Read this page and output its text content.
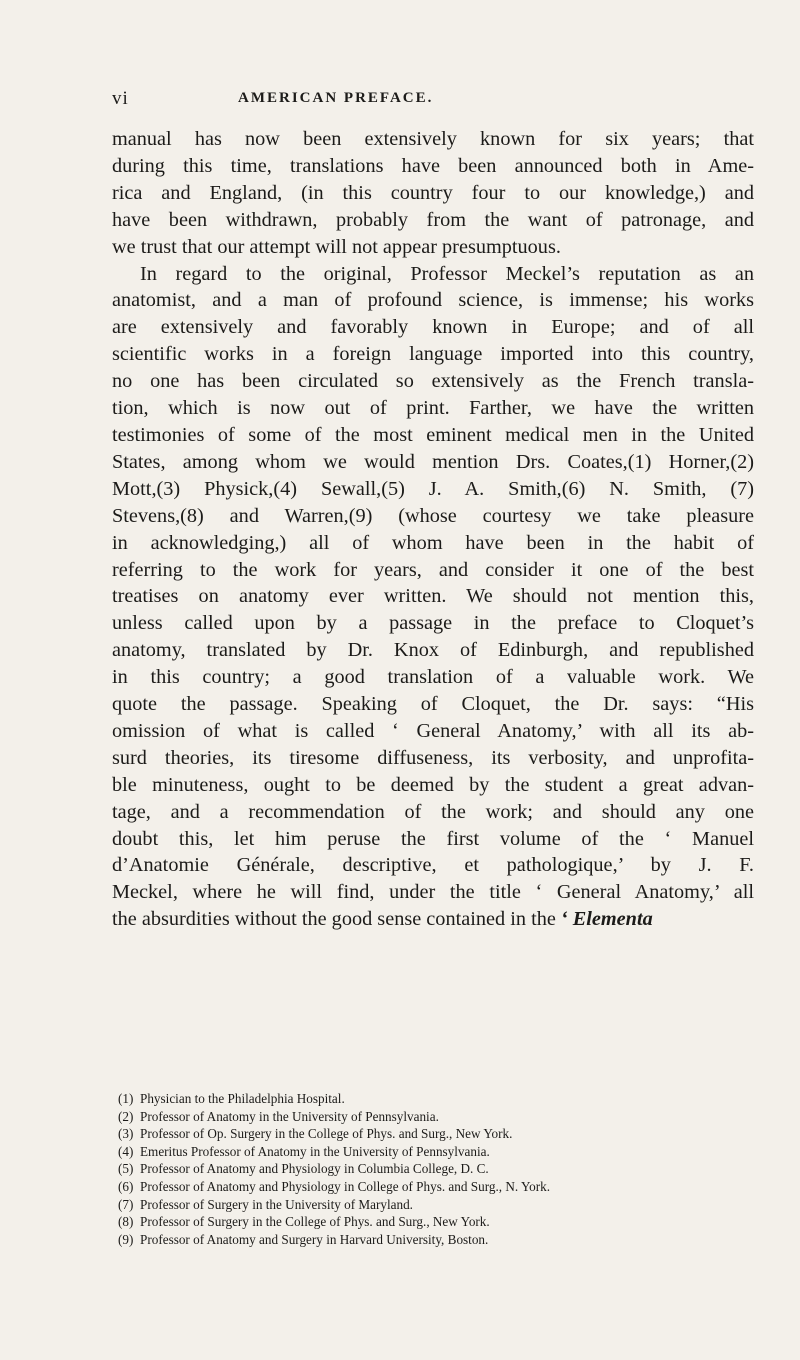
vi	AMERICAN PREFACE.
manual has now been extensively known for six years; that
during this time, translations have been announced both in Ame-
rica and England, (in this country four to our knowledge,) and
have been withdrawn, probably from the want of patronage, and
we trust that our attempt will not appear presumptuous.
In regard to the original, Professor Meckel’s reputation as an
anatomist, and a man of profound science, is immense; his works
are extensively and favorably known in Europe; and of all
scientific works in a foreign language imported into this country,
no one has been circulated so extensively as the French transla-
tion, which is now out of print. Farther, we have the written
testimonies of some of the most eminent medical men in the United
States, among whom we would mention Drs. Coates,(1) Horner,(2)
Mott,(3) Physick,(4) Sewall,(5) J. A. Smith,(6) N. Smith, (7)
Stevens,(8) and Warren,(9) (whose courtesy we take pleasure
in acknowledging,) all of whom have been in the habit of
referring to the work for years, and consider it one of the best
treatises on anatomy ever written. We should not mention this,
unless called upon by a passage in the preface to Cloquet’s
anatomy, translated by Dr. Knox of Edinburgh, and republished
in this country; a good translation of a valuable work. We
quote the passage. Speaking of Cloquet, the Dr. says: “His
omission of what is called ‘ General Anatomy,’ with all its ab-
surd theories, its tiresome diffuseness, its verbosity, and unprofita-
ble minuteness, ought to be deemed by the student a great advan-
tage, and a recommendation of the work; and should any one
doubt this, let him peruse the first volume of the ‘ Manuel
d’Anatomie Générale, descriptive, et pathologique,’ by J. F.
Meckel, where he will find, under the title ‘ General Anatomy,’ all
the absurdities without the good sense contained in the ‘ Elementa
(1) Physician to the Philadelphia Hospital.
(2) Professor of Anatomy in the University of Pennsylvania.
(3) Professor of Op. Surgery in the College of Phys. and Surg., New York.
(4) Emeritus Professor of Anatomy in the University of Pennsylvania.
(5) Professor of Anatomy and Physiology in Columbia College, D. C.
(6) Professor of Anatomy and Physiology in College of Phys. and Surg., N. York.
(7) Professor of Surgery in the University of Maryland.
(8) Professor of Surgery in the College of Phys. and Surg., New York.
(9) Professor of Anatomy and Surgery in Harvard University, Boston.
